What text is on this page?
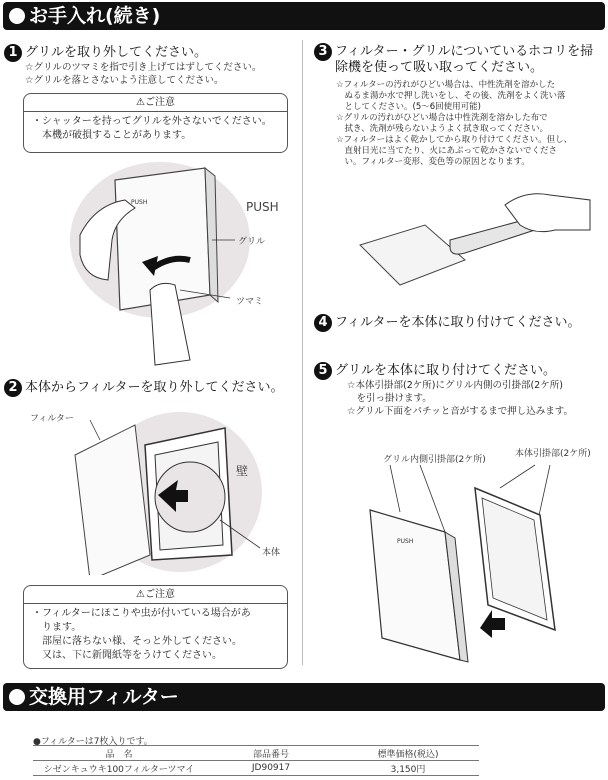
お手入れ(続き)
1 グリルを取り外してください。
☆グリルのツマミを指で引き上げてはずしてください。
☆グリルを落とさないよう注意してください。
⚠ご注意
・シャッターを持ってグリルを外さないでください。
　本機が破損することがあります。
PUSH
PUSH
グリル
ツマミ
2 本体からフィルターを取り外してください。
フィルター
壁
本体
⚠ご注意
・フィルターにほこりや虫が付いている場合があ
　ります。
　部屋に落ちない様、そっと外してください。
　又は、下に新聞紙等をうけてください。
3 フィルター・グリルについているホコリを掃
除機を使って吸い取ってください。
☆フィルターの汚れがひどい場合は、中性洗剤を溶かした
　ぬるま湯か水で押し洗いをし、その後、洗剤をよく洗い落
　としてください。(5〜6回使用可能)
☆グリルの汚れがひどい場合は中性洗剤を溶かした布で
　拭き、洗剤が残らないようよく拭き取ってください。
☆フィルターはよく乾かしてから取り付けてください。但し、
　直射日光に当てたり、火にあぶって乾かさないでくださ
　い。フィルター変形、変色等の原因となります。
4 フィルターを本体に取り付けてください。
5 グリルを本体に取り付けてください。
☆本体引掛部(2ケ所)にグリル内側の引掛部(2ケ所)
　を引っ掛けます。
☆グリル下面をパチッと音がするまで押し込みます。
グリル内側引掛部(2ケ所)
本体引掛部(2ケ所)
PUSH
交換用フィルター
●フィルターは7枚入りです。
品　名	部品番号	標準価格(税込)
シゼンキュウキ100フィルターツマイ	JD90917	3,150円
